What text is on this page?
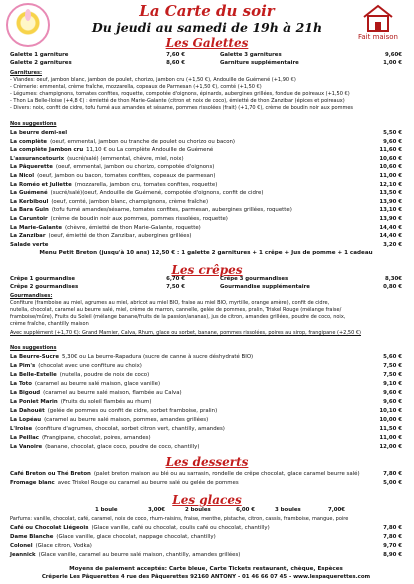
La Carte du soir
Du jeudi au samedi de 19h à 21h
Fait maison
Les Galettes
Galette 1 garniture	7,60 €	Galette 3 garnitures	9,60€
Galette 2 garnitures	8,60 €	Garniture supplémentaire	1,00 €
Garnitures:
- Viandes: oeuf, jambon blanc, jambon de poulet, chorizo, jambon cru (+1,50 €), Andouille de Guémené (+1,90 €)
- Crèmerie: emmental, crème fraîche, mozzarella, copeaux de Parmesan (+1,50 €), comté (+1,50 €)
- Légumes: champignons, tomates confites, roquette, compotée d'oignons, épinards, aubergines grillées, fondue de poireaux (+1,50 €)
- Thon La Belle-Iloise (+4,8 €) : émietté de thon Marie-Galante (citron et noix de coco), émietté de thon Zanzibar (épices et poireaux)
- Divers: noix, confit de cidre, tofu fumé aux amandes et sésame, pommes rissolées (frait) (+1,70 €), crème de boudin noir aux pommes
Nos suggestions
La beurre demi-sel	5,50 €
La complète (oeuf, emmental, jambon ou tranche de poulet ou chorizo ou bacon)	9,60 €
La complète Jambon cru 11,10 € ou La complète Andouille de Guémené	11,60 €
L'assurancetourix (sucré/salé) (emmental, chèvre, miel, noix)	10,60 €
La Pâquerette (oeuf, emmental, jambon ou chorizo, compotée d'oignons)	10,60 €
La Nicol (oeuf, jambon ou bacon, tomates confites, copeaux de parmesan)	11,00 €
La Roméo et Juliette (mozzarella, jambon cru, tomates confites, roquette)	12,10 €
La Guémené (sucré/salé)(oeuf, Andouille de Guémené, compotée d'oignons, confit de cidre)	13,50 €
La Kerbiboul (oeuf, comté, jambon blanc, champignons, crème fraîche)	13,90 €
La Bara Guin (tofu fumé amandes/sésame, tomates confites, parmesan, aubergines grillées, roquette)	13,10 €
La Caruntoir (crème de boudin noir aux pommes, pommes rissolées, roquette)	13,90 €
La Marie-Galante (chèvre, émietté de thon Marie-Galante, roquette)	14,40 €
La Zanzibar (oeuf, émietté de thon Zanzibar, aubergines grillées)	14,40 €
Salade verte	3,20 €
Menu Petit Breton (jusqu'à 10 ans) 12,50 € : 1 galette 2 garnitures + 1 crêpe + Jus de pomme + 1 cadeau
Les crêpes
Crêpe 1 gourmandise	6,70 €	Crêpe 3 gourmandises	8,30€
Crêpe 2 gourmandises	7,50 €	Gourmandise supplémentaire	0,80 €
Gourmandises:
Confiture (framboise au miel, agrumes au miel, abricot au miel BIO, fraise au miel BIO, myrtille, orange amère), confit de cidre,
nutella, chocolat, caramel au beurre salé, miel, crème de marron, cannelle, gelée de pommes, pralin, Triskel Rouge (mélange fraise/
framboise/mûre), Fruits du Soleil (mélange banane/fruits de la passion/ananas), jus de citron, amandes grillées, poudre de coco, noix,
crème fraîche, chantilly maison
Avec supplément (+1,70 €): Grand Marnier, Calva, Rhum, glace ou sorbet, banane, pommes rissolées, poires au sirop, frangipane (+2,50 €)
Nos suggestions
La Beurre-Sucre 5,30€ ou La beurre-Rapadura (sucre de canne à sucre déshydraté BIO)	5,60 €
La Pim's (chocolat avec une confiture au choix)	7,50 €
La Belle-Estelle (nutella, poudre de noix de coco)	7,50 €
La Toto (caramel au beurre salé maison, glace vanille)	9,10 €
La Bigoud (caramel au beurre salé maison, flambée au Calva)	9,60 €
La Poniet Marin (Fruits du soleil flambés au rhum)	9,60 €
La Dahouët (gelée de pommes ou confit de cidre, sorbet framboise, pralin)	10,10 €
La Lopéau (caramel au beurre salé maison, pommes, amandes grillées)	10,00 €
L'Iroise (confiture d'agrumes, chocolat, sorbet citron vert, chantilly, amandes)	11,50 €
La Peillac (Frangipane, chocolat, poires, amandes)	11,00 €
La Vanoire (banane, chocolat, glace coco, poudre de coco, chantilly)	12,00 €
Les desserts
Café Breton ou Thé Breton (palet breton maison au blé ou au sarrasin, rondelle de crêpe chocolat, glace caramel beurre salé)	7,80 €
Fromage blanc avec Triskel Rouge ou caramel au beurre salé ou gelée de pommes	5,00 €
Les glaces
1 boule	3,00€	2 boules	6,00 €	3 boules	7,00€
Parfums: vanille, chocolat, café, caramel, noix de coco, rhum-raisins, fraise, menthe, pistache, citron, cassis, framboise, mangue, poire
Café ou Chocolat Liégeois (Glace vanille, café ou chocolat, coulis café ou chocolat, chantilly)	7,80 €
Dame Blanche (Glace vanille, glace chocolat, nappage chocolat, chantilly)	7,80 €
Colonel (Glace citron, Vodka)	9,70 €
Jeannick (Glace vanille, caramel au beurre salé maison, chantilly, amandes grillées)	8,90 €
Moyens de paiement acceptés: Carte bleue, Carte Tickets restaurant, chèque, Espèces
Crêperie Les Pâquerettes 4 rue des Pâquerettes 92160 ANTONY - 01 46 66 07 45 - www.lespaquerettes.com
